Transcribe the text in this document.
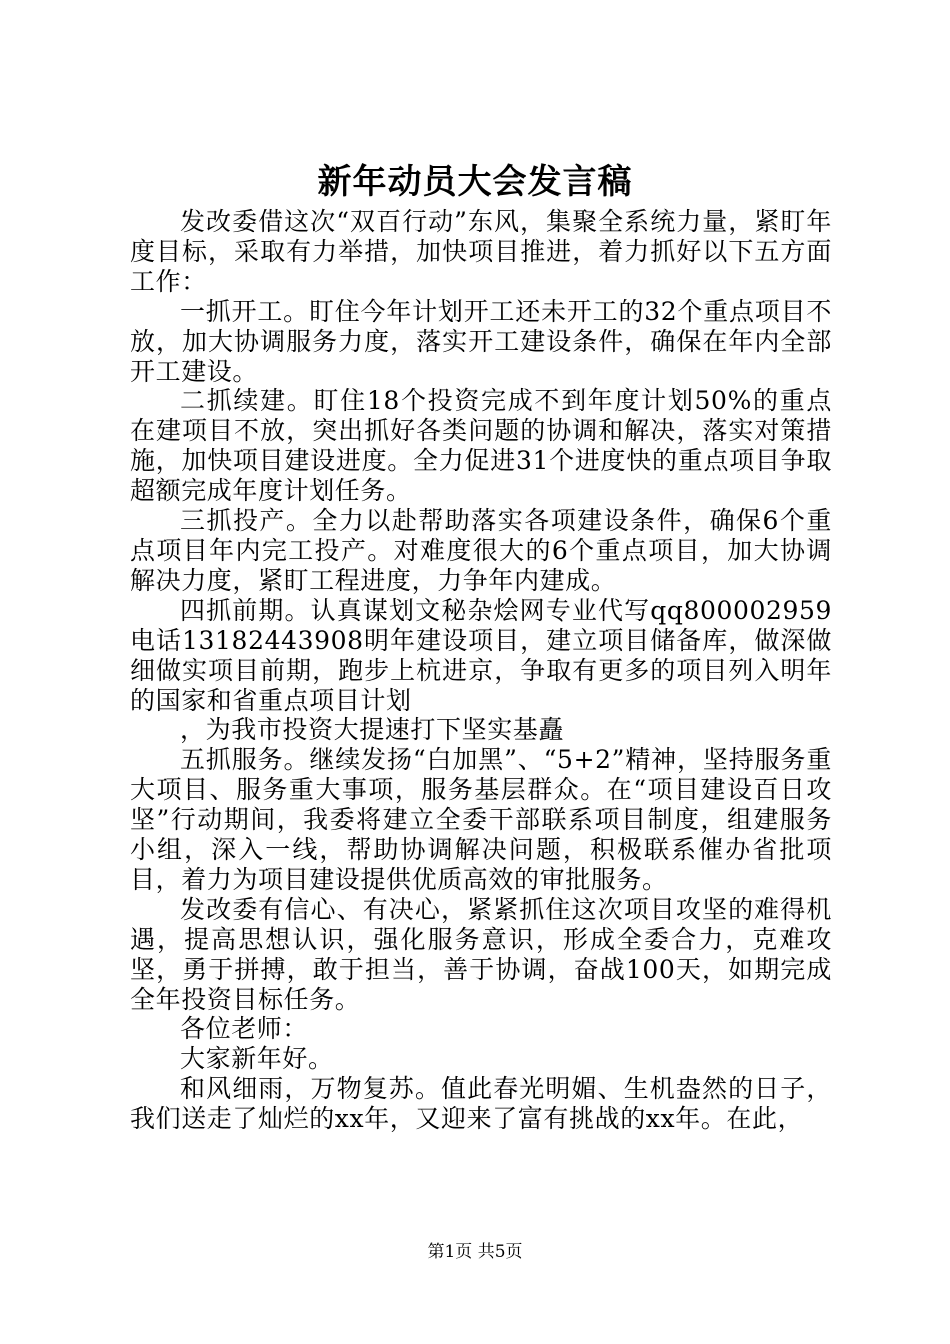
新年动员大会发言稿

发改委借这次“双百行动”东风，集聚全系统力量，紧盯年度目标，采取有力举措，加快项目推进，着力抓好以下五方面工作：

一抓开工。盯住今年计划开工还未开工的32个重点项目不放，加大协调服务力度，落实开工建设条件，确保在年内全部开工建设。

二抓续建。盯住18个投资完成不到年度计划50%的重点在建项目不放，突出抓好各类问题的协调和解决，落实对策措施，加快项目建设进度。全力促进31个进度快的重点项目争取超额完成年度计划任务。

三抓投产。全力以赴帮助落实各项建设条件，确保6个重点项目年内完工投产。对难度很大的6个重点项目，加大协调解决力度，紧盯工程进度，力争年内建成。

四抓前期。认真谋划文秘杂烩网专业代写qq800002959电话13182443908明年建设项目，建立项目储备库，做深做细做实项目前期，跑步上杭进京，争取有更多的项目列入明年的国家和省重点项目计划

，为我市投资大提速打下坚实基矗

五抓服务。继续发扬“白加黑”、“5+2”精神，坚持服务重大项目、服务重大事项，服务基层群众。在“项目建设百日攻坚”行动期间，我委将建立全委干部联系项目制度，组建服务小组，深入一线，帮助协调解决问题，积极联系催办省批项目，着力为项目建设提供优质高效的审批服务。

发改委有信心、有决心，紧紧抓住这次项目攻坚的难得机遇，提高思想认识，强化服务意识，形成全委合力，克难攻坚，勇于拼搏，敢于担当，善于协调，奋战100天，如期完成全年投资目标任务。

各位老师：

大家新年好。

和风细雨，万物复苏。值此春光明媚、生机盎然的日子，我们送走了灿烂的xx年，又迎来了富有挑战的xx年。在此，

第1页 共5页
